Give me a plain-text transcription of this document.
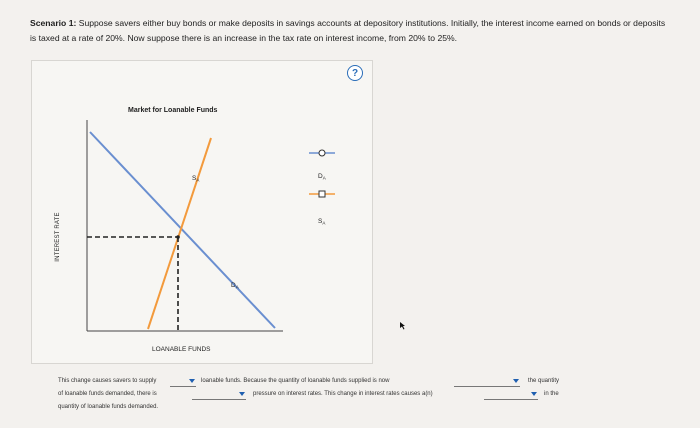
Scenario 1: Suppose savers either buy bonds or make deposits in savings accounts at depository institutions. Initially, the interest income earned on bonds or deposits is taxed at a rate of 20%. Now suppose there is an increase in the tax rate on interest income, from 20% to 25%.
?
Market for Loanable Funds
INTEREST RATE
LOANABLE FUNDS
$S_A$
$D_A$
$D_A$
$S_A$
This change causes savers to supply	loanable funds. Because the quantity of loanable funds supplied is now	the quantity
of loanable funds demanded, there is	pressure on interest rates. This change in interest rates causes a(n)	in the
quantity of loanable funds demanded.
